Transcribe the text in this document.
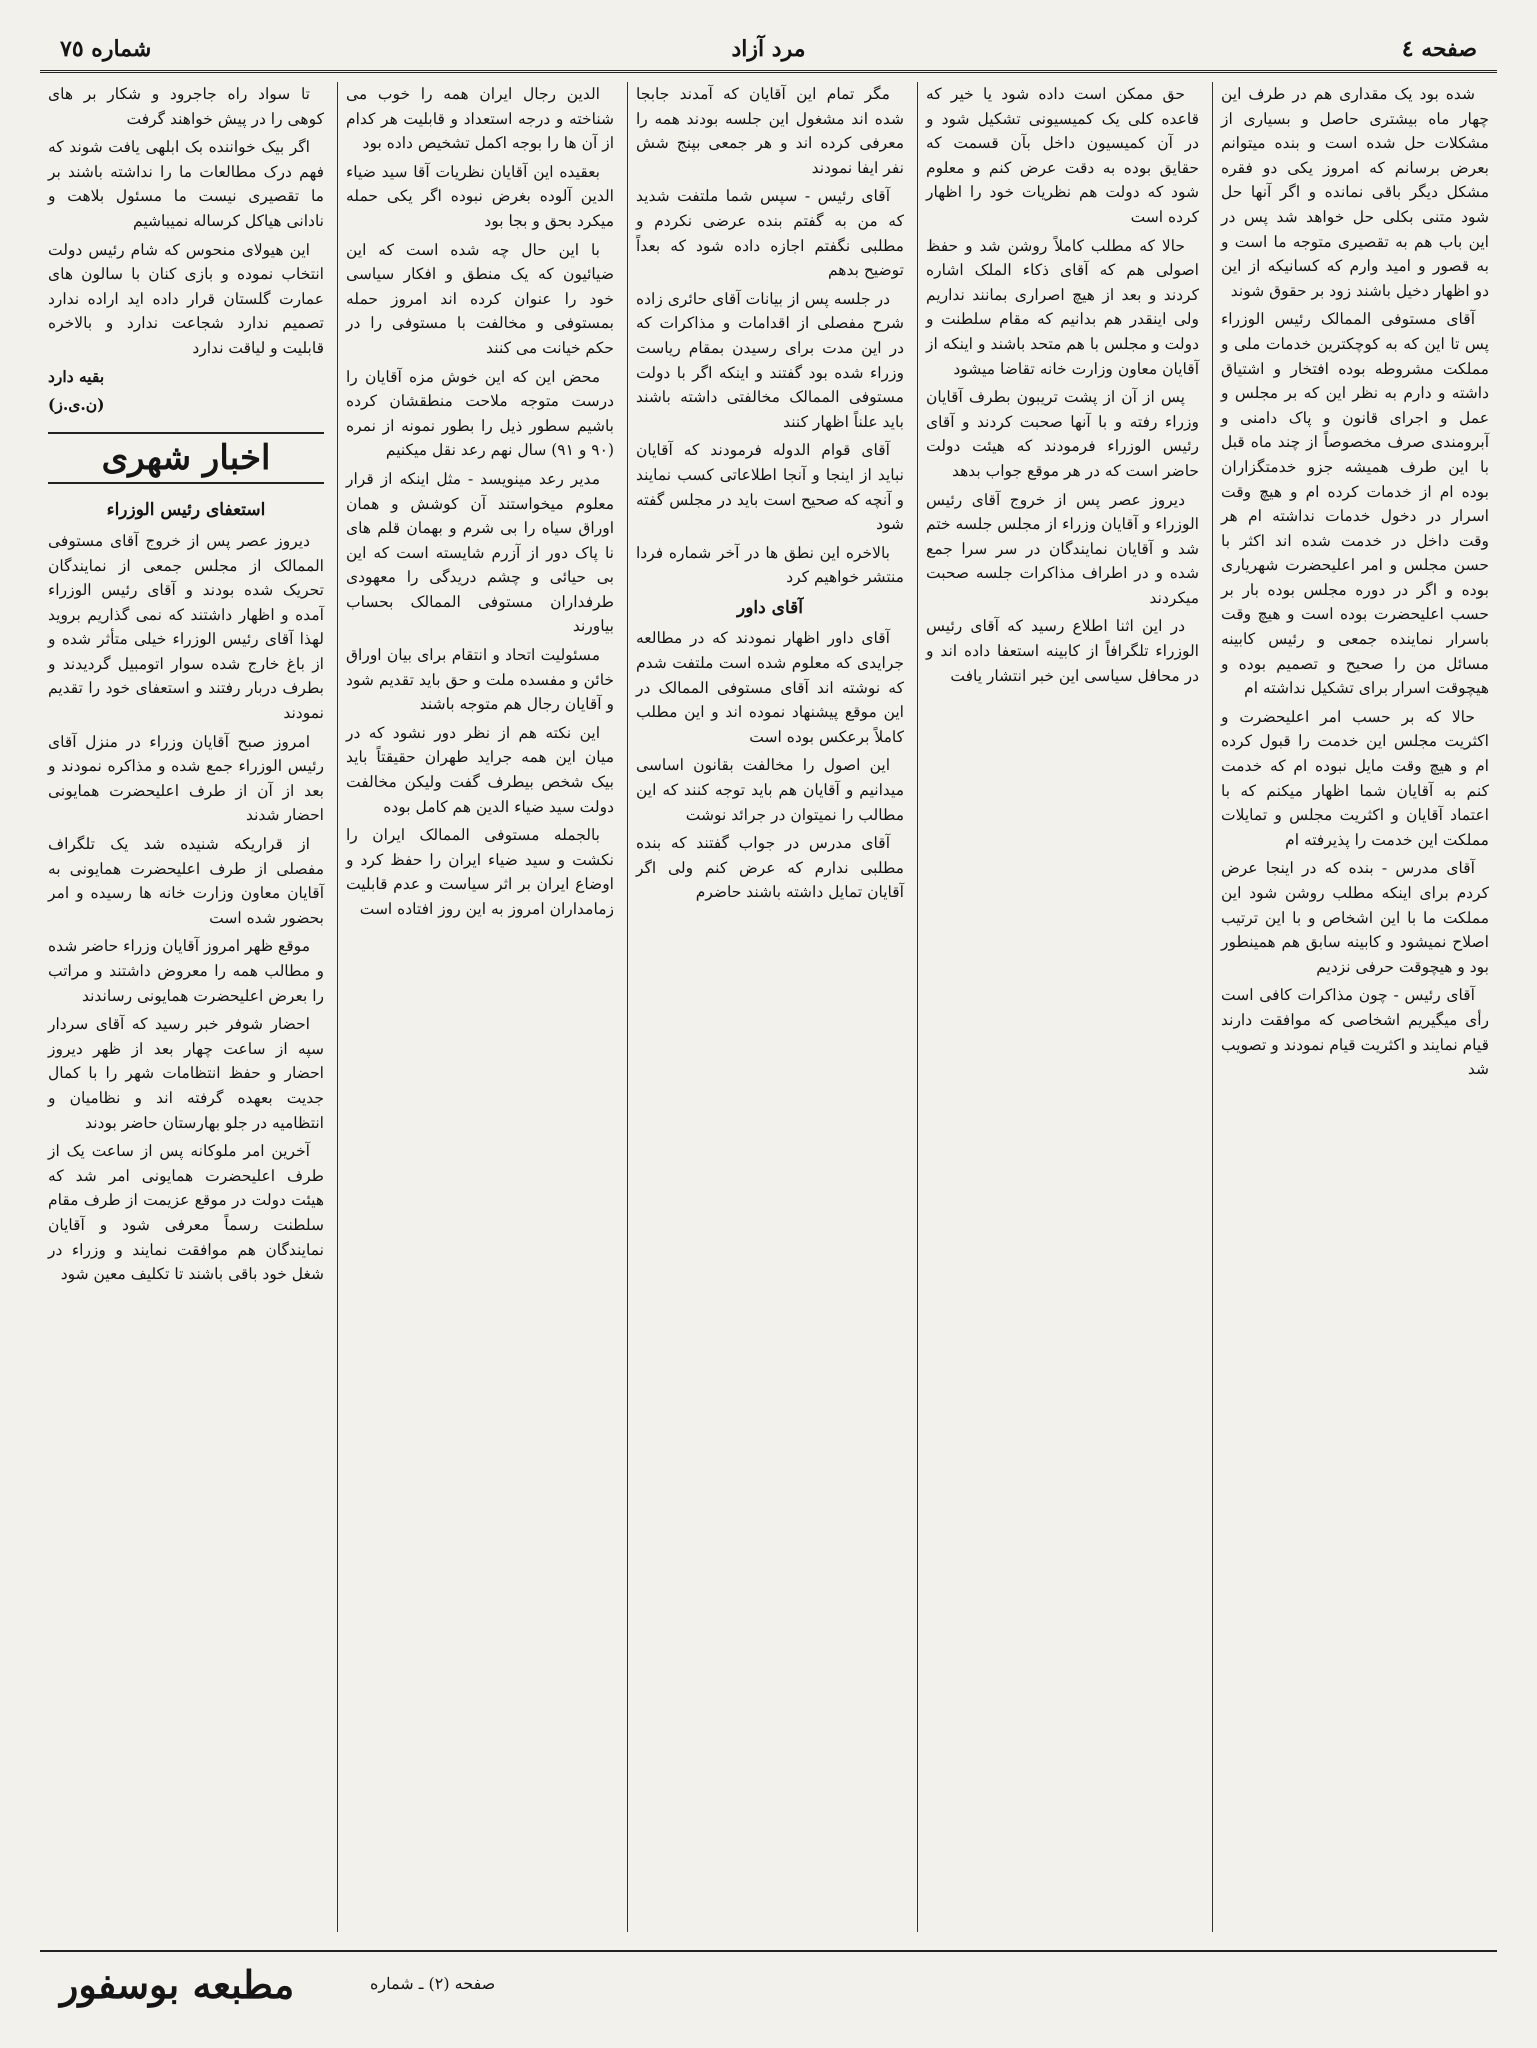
صفحه ٤
مرد آزاد
شماره ٧٥

شده بود یک مقداری هم در طرف این چهار ماه بیشتری حاصل و بسیاری از مشکلات حل شده است و بنده میتوانم بعرض برسانم که امروز یکی دو فقره مشکل دیگر باقی نمانده و اگر آنها حل شود متنی بکلی حل خواهد شد پس در این باب هم به تقصیری متوجه ما است و به قصور و امید وارم که کسانیکه از این دو اظهار دخیل باشند زود بر حقوق شوند

آقای مستوفی الممالک رئیس الوزراء پس تا این که به کوچکترین خدمات ملی و مملکت مشروطه بوده افتخار و اشتیاق داشته و دارم به نظر این که بر مجلس و عمل و اجرای قانون و پاک دامنی و آبرومندی صرف مخصوصاً از چند ماه قبل با این طرف همیشه جزو خدمتگزاران بوده ام از خدمات کرده ام و هیچ وقت اسرار در دخول خدمات نداشته ام هر وقت داخل در خدمت شده اند اکثر با حسن مجلس و امر اعلیحضرت شهریاری بوده و اگر در دوره مجلس بوده بار بر حسب اعلیحضرت بوده است و هیچ وقت باسرار نماینده جمعی و رئیس کابینه مسائل من را صحیح و تصمیم بوده و هیچوقت اسرار برای تشکیل نداشته ام

حالا که بر حسب امر اعلیحضرت و اکثریت مجلس این خدمت را قبول کرده ام و هیچ وقت مایل نبوده ام که خدمت کنم به آقایان شما اظهار میکنم که با اعتماد آقایان و اکثریت مجلس و تمایلات مملکت این خدمت را پذیرفته ام

آقای مدرس - بنده که در اینجا عرض کردم برای اینکه مطلب روشن شود این مملکت ما با این اشخاص و با این ترتیب اصلاح نمیشود و کابینه سابق هم همینطور بود و هیچوقت حرفی نزدیم

آقای رئیس - چون مذاکرات کافی است رأی میگیریم اشخاصی که موافقت دارند قیام نمایند و اکثریت قیام نمودند و تصویب شد

حق ممکن است داده شود یا خیر که قاعده کلی یک کمیسیونی تشکیل شود و در آن کمیسیون داخل بآن قسمت که حقایق بوده به دقت عرض کنم و معلوم شود که دولت هم نظریات خود را اظهار کرده است

حالا که مطلب کاملاً روشن شد و حفظ اصولی هم که آقای ذکاء الملک اشاره کردند و بعد از هیچ اصراری بمانند نداریم ولی اینقدر هم بدانیم که مقام سلطنت و دولت و مجلس با هم متحد باشند و اینکه از آقایان معاون وزارت خانه تقاضا میشود

پس از آن از پشت تریبون بطرف آقایان وزراء رفته و با آنها صحبت کردند و آقای رئیس الوزراء فرمودند که هیئت دولت حاضر است که در هر موقع جواب بدهد

دیروز عصر پس از خروج آقای رئیس الوزراء و آقایان وزراء از مجلس جلسه ختم شد و آقایان نمایندگان در سر سرا جمع شده و در اطراف مذاکرات جلسه صحبت میکردند

در این اثنا اطلاع رسید که آقای رئیس الوزراء تلگرافاً از کابینه استعفا داده اند و در محافل سیاسی این خبر انتشار یافت

مگر تمام این آقایان که آمدند جابجا شده اند مشغول این جلسه بودند همه را معرفی کرده اند و هر جمعی بپنج شش نفر ایفا نمودند

آقای رئیس - سپس شما ملتفت شدید که من به گفتم بنده عرضی نکردم و مطلبی نگفتم اجازه داده شود که بعداً توضیح بدهم

در جلسه پس از بیانات آقای حائری زاده شرح مفصلی از اقدامات و مذاکرات که در این مدت برای رسیدن بمقام ریاست وزراء شده بود گفتند و اینکه اگر با دولت مستوفی الممالک مخالفتی داشته باشند باید علناً اظهار کنند

آقای قوام الدوله فرمودند که آقایان نباید از اینجا و آنجا اطلاعاتی کسب نمایند و آنچه که صحیح است باید در مجلس گفته شود

بالاخره این نطق ها در آخر شماره فردا منتشر خواهیم کرد

آقای داور

آقای داور اظهار نمودند که در مطالعه جرایدی که معلوم شده است ملتفت شدم که نوشته اند آقای مستوفی الممالک در این موقع پیشنهاد نموده اند و این مطلب کاملاً برعکس بوده است

این اصول را مخالفت بقانون اساسی میدانیم و آقایان هم باید توجه کنند که این مطالب را نمیتوان در جرائد نوشت

آقای مدرس در جواب گفتند که بنده مطلبی ندارم که عرض کنم ولی اگر آقایان تمایل داشته باشند حاضرم

الدین رجال ایران همه را خوب می شناخته و درجه استعداد و قابلیت هر کدام از آن ها را بوجه اکمل تشخیص داده بود

بعقیده این آقایان نظریات آقا سید ضیاء الدین آلوده بغرض نبوده اگر یکی حمله میکرد بحق و بجا بود

با این حال چه شده است که این ضیائیون که یک منطق و افکار سیاسی خود را عنوان کرده اند امروز حمله بمستوفی و مخالفت با مستوفی را در حکم خیانت می کنند

محض این که این خوش مزه آقایان را درست متوجه ملاحت منطقشان کرده باشیم سطور ذیل را بطور نمونه از نمره (۹۰ و ۹۱) سال نهم رعد نقل میکنیم

مدیر رعد مینویسد - مثل اینکه از قرار معلوم میخواستند آن کوشش و همان اوراق سیاه را بی شرم و بهمان قلم های نا پاک دور از آزرم شایسته است که این بی حیائی و چشم دریدگی را معهودی طرفداران مستوفی الممالک بحساب بیاورند

مسئولیت اتحاد و انتقام برای بیان اوراق خائن و مفسده ملت و حق باید تقدیم شود و آقایان رجال هم متوجه باشند

این نکته هم از نظر دور نشود که در میان این همه جراید طهران حقیقتاً باید بیک شخص بیطرف گفت ولیکن مخالفت دولت سید ضیاء الدین هم کامل بوده

بالجمله مستوفی الممالک ایران را نکشت و سید ضیاء ایران را حفظ کرد و اوضاع ایران بر اثر سیاست و عدم قابلیت زمامداران امروز به این روز افتاده است

تا سواد راه جاجرود و شکار بر های کوهی را در پیش خواهند گرفت

اگر بیک خواننده بک ابلهی یافت شوند که فهم درک مطالعات ما را نداشته باشند بر ما تقصیری نیست ما مسئول بلاهت و نادانی هیاکل کرساله نمیباشیم

این هیولای منحوس که شام رئیس دولت انتخاب نموده و بازی کنان با سالون های عمارت گلستان قرار داده اید اراده ندارد تصمیم ندارد شجاعت ندارد و بالاخره قابلیت و لیاقت ندارد

بقیه دارد
(ن.ی.ز)
اخبار شهری
استعفای رئیس الوزراء

دیروز عصر پس از خروج آقای مستوفی الممالک از مجلس جمعی از نمایندگان تحریک شده بودند و آقای رئیس الوزراء آمده و اظهار داشتند که نمی گذاریم بروید لهذا آقای رئیس الوزراء خیلی متأثر شده و از باغ خارج شده سوار اتومبیل گردیدند و بطرف دربار رفتند و استعفای خود را تقدیم نمودند

امروز صبح آقایان وزراء در منزل آقای رئیس الوزراء جمع شده و مذاکره نمودند و بعد از آن از طرف اعلیحضرت همایونی احضار شدند

از قراریکه شنیده شد یک تلگراف مفصلی از طرف اعلیحضرت همایونی به آقایان معاون وزارت خانه ها رسیده و امر بحضور شده است

موقع ظهر امروز آقایان وزراء حاضر شده و مطالب همه را معروض داشتند و مراتب را بعرض اعلیحضرت همایونی رساندند

احضار شوفر خبر رسید که آقای سردار سپه از ساعت چهار بعد از ظهر دیروز احضار و حفظ انتظامات شهر را با کمال جدیت بعهده گرفته اند و نظامیان و انتظامیه در جلو بهارستان حاضر بودند

آخرین امر ملوکانه پس از ساعت یک از طرف اعلیحضرت همایونی امر شد که هیئت دولت در موقع عزیمت از طرف مقام سلطنت رسماً معرفی شود و آقایان نمایندگان هم موافقت نمایند و وزراء در شغل خود باقی باشند تا تکلیف معین شود

مطبعه بوسفور	صفحه (۲) ـ شماره
